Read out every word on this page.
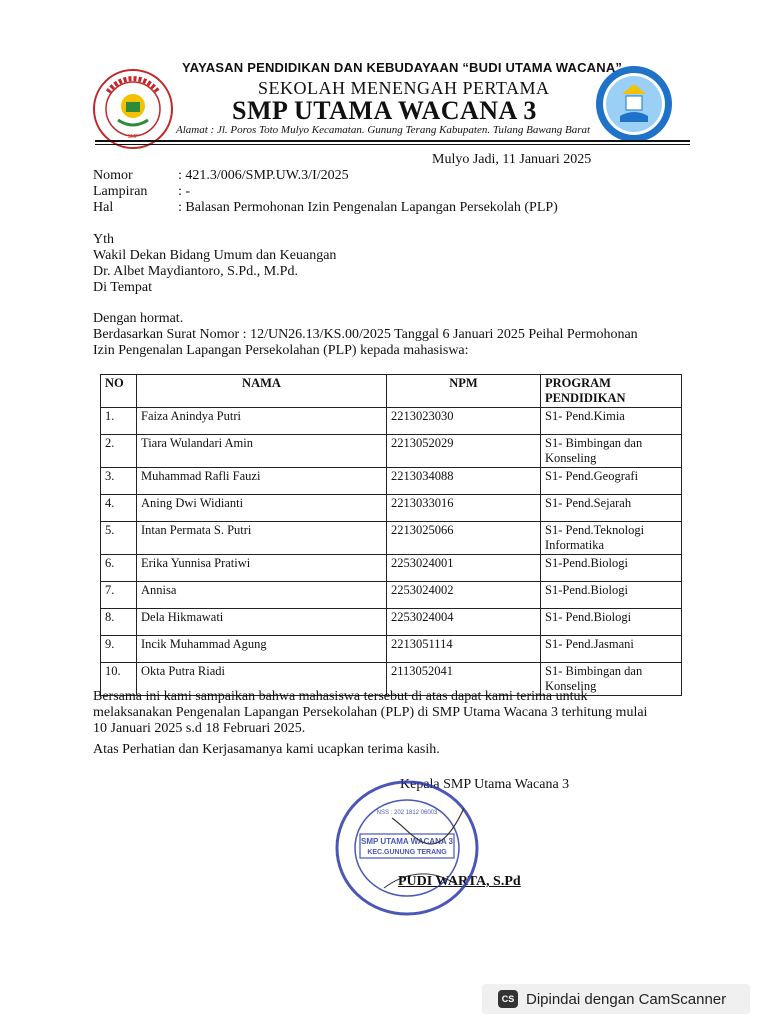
SMP
YAYASAN PENDIDIKAN DAN KEBUDAYAAN “BUDI UTAMA WACANA”
SEKOLAH MENENGAH PERTAMA
SMP UTAMA WACANA 3
Alamat : Jl. Poros Toto Mulyo Kecamatan. Gunung Terang Kabupaten. Tulang Bawang Barat
Mulyo Jadi, 11 Januari 2025
Nomor	: 421.3/006/SMP.UW.3/I/2025
Lampiran : -
Hal	: Balasan Permohonan Izin Pengenalan Lapangan Persekolah (PLP)
Yth
Wakil Dekan Bidang Umum dan Keuangan
Dr. Albet Maydiantoro, S.Pd., M.Pd.
Di Tempat
Dengan hormat.
Berdasarkan Surat Nomor : 12/UN26.13/KS.00/2025 Tanggal 6 Januari 2025 Peihal Permohonan
Izin Pengenalan Lapangan Persekolahan (PLP) kepada mahasiswa:
NO	NAMA	NPM	PROGRAM PENDIDIKAN
1.	Faiza Anindya Putri	2213023030	S1- Pend.Kimia
2.	Tiara Wulandari Amin	2213052029	S1- Bimbingan dan Konseling
3.	Muhammad Rafli Fauzi	2213034088	S1- Pend.Geografi
4.	Aning Dwi Widianti	2213033016	S1- Pend.Sejarah
5.	Intan Permata S. Putri	2213025066	S1- Pend.Teknologi Informatika
6.	Erika Yunnisa Pratiwi	2253024001	S1-Pend.Biologi
7.	Annisa	2253024002	S1-Pend.Biologi
8.	Dela Hikmawati	2253024004	S1- Pend.Biologi
9.	Incik Muhammad Agung	2213051114	S1- Pend.Jasmani
10.	Okta Putra Riadi	2113052041	S1- Bimbingan dan Konseling
Bersama ini kami sampaikan bahwa mahasiswa tersebut di atas dapat kami terima untuk
melaksanakan Pengenalan Lapangan Persekolahan (PLP) di SMP Utama Wacana 3 terhitung mulai
10 Januari 2025 s.d 18 Februari 2025.
Atas Perhatian dan Kerjasamanya kami ucapkan terima kasih.
Kepala SMP Utama Wacana 3
PUDI WARTA, S.Pd
NSS : 202 1812 06003
SMP UTAMA WACANA 3
KEC.GUNUNG TERANG
CS Dipindai dengan CamScanner
